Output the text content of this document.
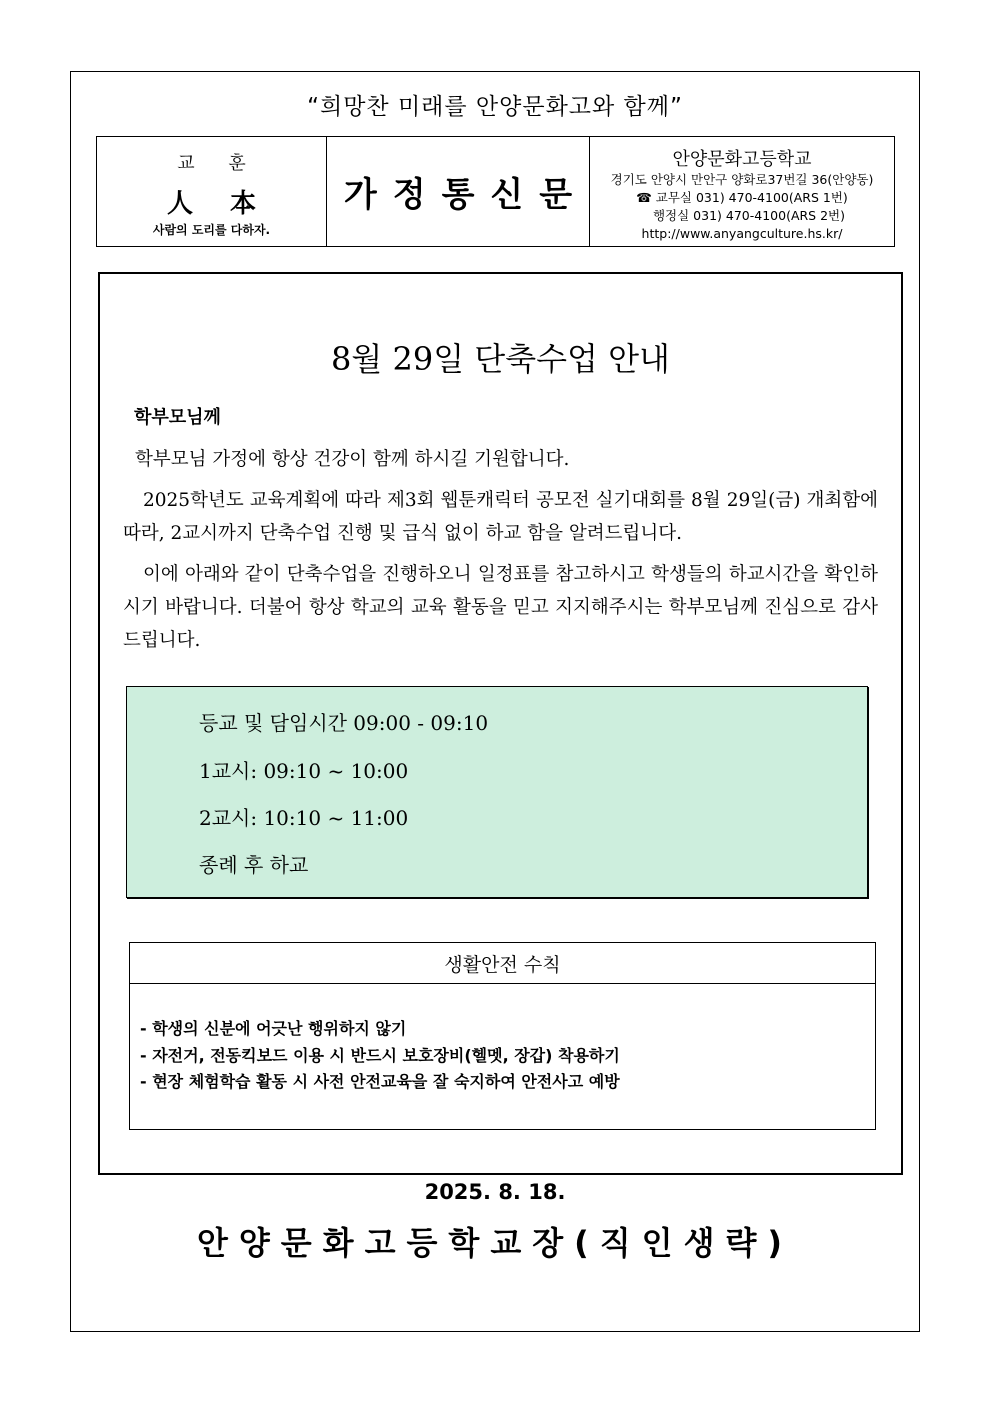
“희망찬 미래를 안양문화고와 함께”
교 훈
人 本
사람의 도리를 다하자.
가정통신문
안양문화고등학교
경기도 안양시 만안구 양화로37번길 36(안양동)
☎ 교무실 031) 470-4100(ARS 1번)
행정실 031) 470-4100(ARS 2번)
http://www.anyangculture.hs.kr/
8월 29일 단축수업 안내
학부모님께
학부모님 가정에 항상 건강이 함께 하시길 기원합니다.
2025학년도 교육계획에 따라 제3회 웹툰캐릭터 공모전 실기대회를 8월 29일(금) 개최함에 따라, 2교시까지 단축수업 진행 및 급식 없이 하교 함을 알려드립니다.
이에 아래와 같이 단축수업을 진행하오니 일정표를 참고하시고 학생들의 하교시간을 확인하시기 바랍니다. 더불어 항상 학교의 교육 활동을 믿고 지지해주시는 학부모님께 진심으로 감사드립니다.
등교 및 담임시간 09:00 - 09:10
1교시: 09:10 ~ 10:00
2교시: 10:10 ~ 11:00
종례 후 하교
생활안전 수칙
- 학생의 신분에 어긋난 행위하지 않기
- 자전거, 전동킥보드 이용 시 반드시 보호장비(헬멧, 장갑) 착용하기
- 현장 체험학습 활동 시 사전 안전교육을 잘 숙지하여 안전사고 예방
2025. 8. 18.
안양문화고등학교장(직인생략)
